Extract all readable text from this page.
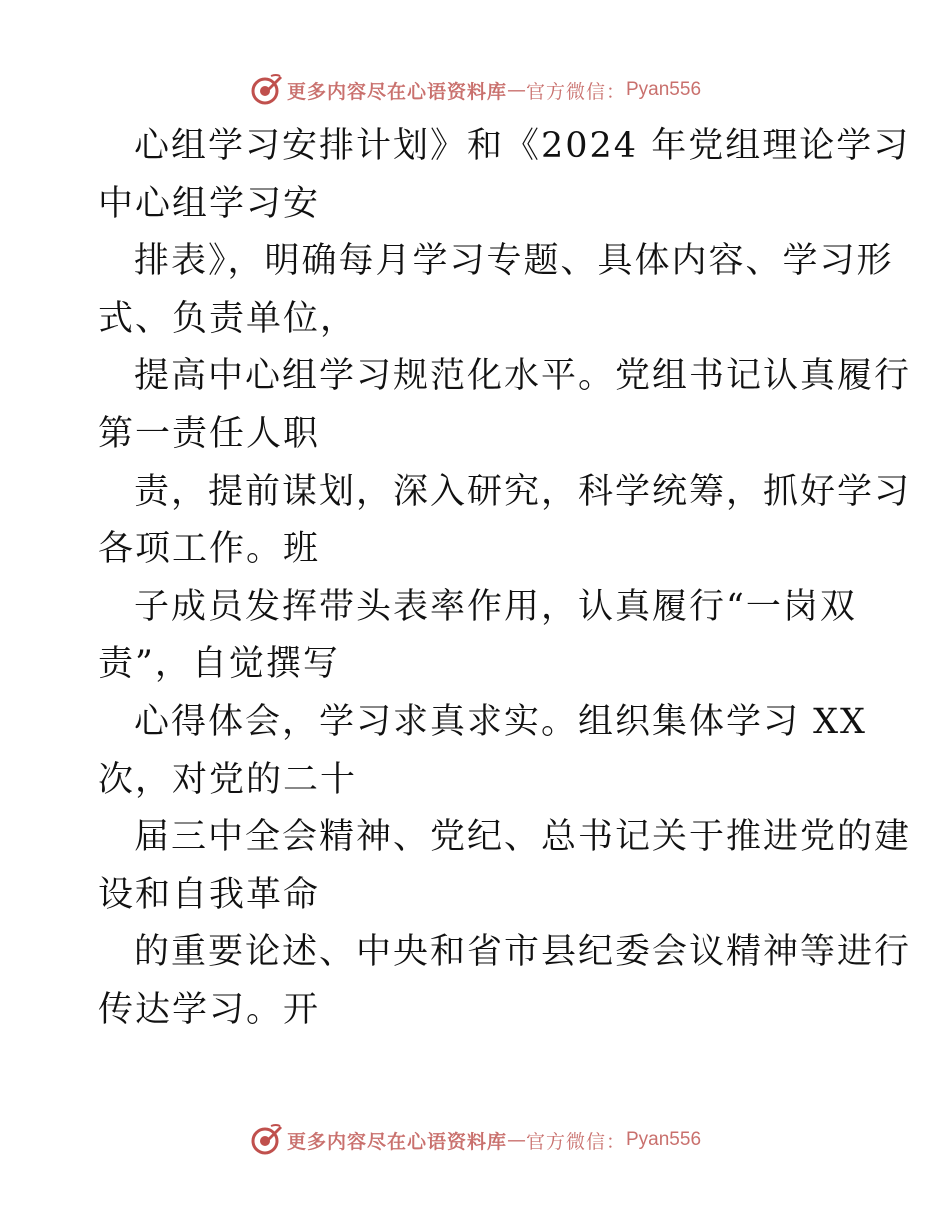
更多内容尽在心语资料库 — 官方微信： Pyan556
心组学习安排计划》和《2024 年党组理论学习
中心组学习安
排表》，明确每月学习专题、具体内容、学习形
式、负责单位，
提高中心组学习规范化水平。党组书记认真履行
第一责任人职
责，提前谋划，深入研究，科学统筹，抓好学习
各项工作。班
子成员发挥带头表率作用，认真履行“一岗双
责”，自觉撰写
心得体会，学习求真求实。组织集体学习 XX
次，对党的二十
届三中全会精神、党纪、总书记关于推进党的建
设和自我革命
的重要论述、中央和省市县纪委会议精神等进行
传达学习。开
更多内容尽在心语资料库 — 官方微信： Pyan556
